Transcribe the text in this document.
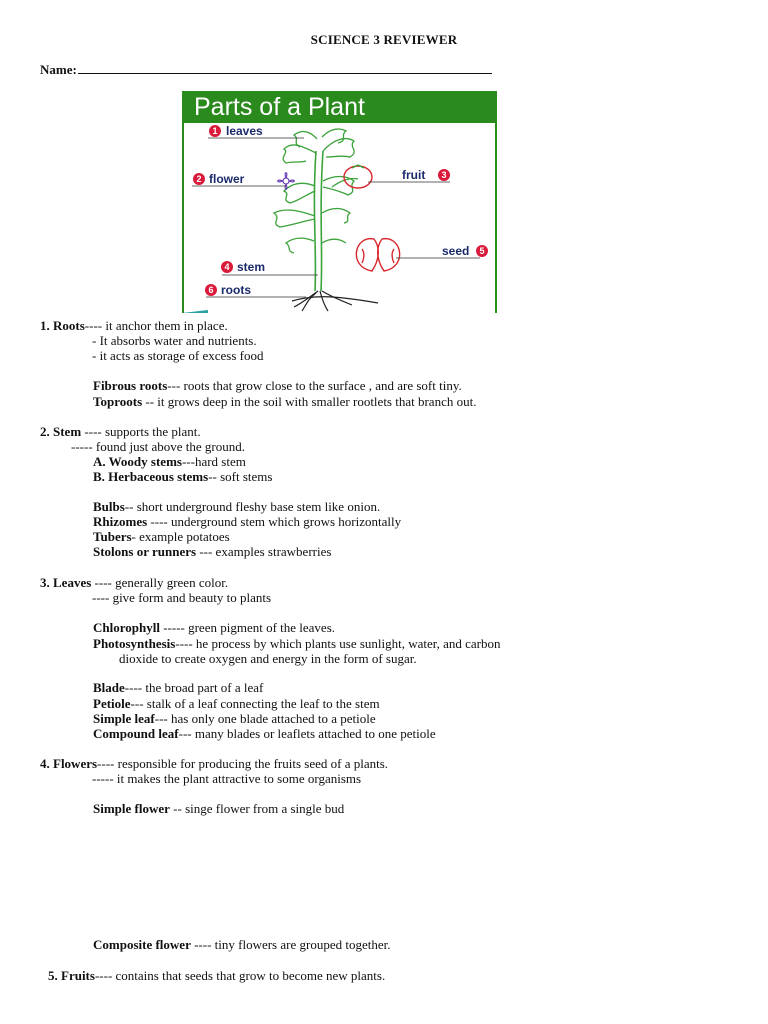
SCIENCE 3 REVIEWER
Name:
Parts of a Plant
1 leaves
2 flower	fruit 3
4 stem
seed 5
6 roots
1. Roots---- it anchor them in place.
- It absorbs water and nutrients.
- it acts as storage of excess food
Fibrous roots--- roots that grow close to the surface , and are soft tiny.
Toproots -- it grows deep in the soil with smaller rootlets that branch out.
2. Stem ---- supports the plant.
----- found just above the ground.
A. Woody stems---hard stem
B. Herbaceous stems-- soft stems
Bulbs-- short underground fleshy base stem like onion.
Rhizomes ---- underground stem which grows horizontally
Tubers- example potatoes
Stolons or runners --- examples strawberries
3. Leaves ---- generally green color.
---- give form and beauty to plants
Chlorophyll ----- green pigment of the leaves.
Photosynthesis---- he process by which plants use sunlight, water, and carbon
dioxide to create oxygen and energy in the form of sugar.
Blade---- the broad part of a leaf
Petiole--- stalk of a leaf connecting the leaf to the stem
Simple leaf--- has only one blade attached to a petiole
Compound leaf--- many blades or leaflets attached to one petiole
4. Flowers---- responsible for producing the fruits seed of a plants.
----- it makes the plant attractive to some organisms
Simple flower -- singe flower from a single bud
Composite flower ---- tiny flowers are grouped together.
5. Fruits---- contains that seeds that grow to become new plants.
